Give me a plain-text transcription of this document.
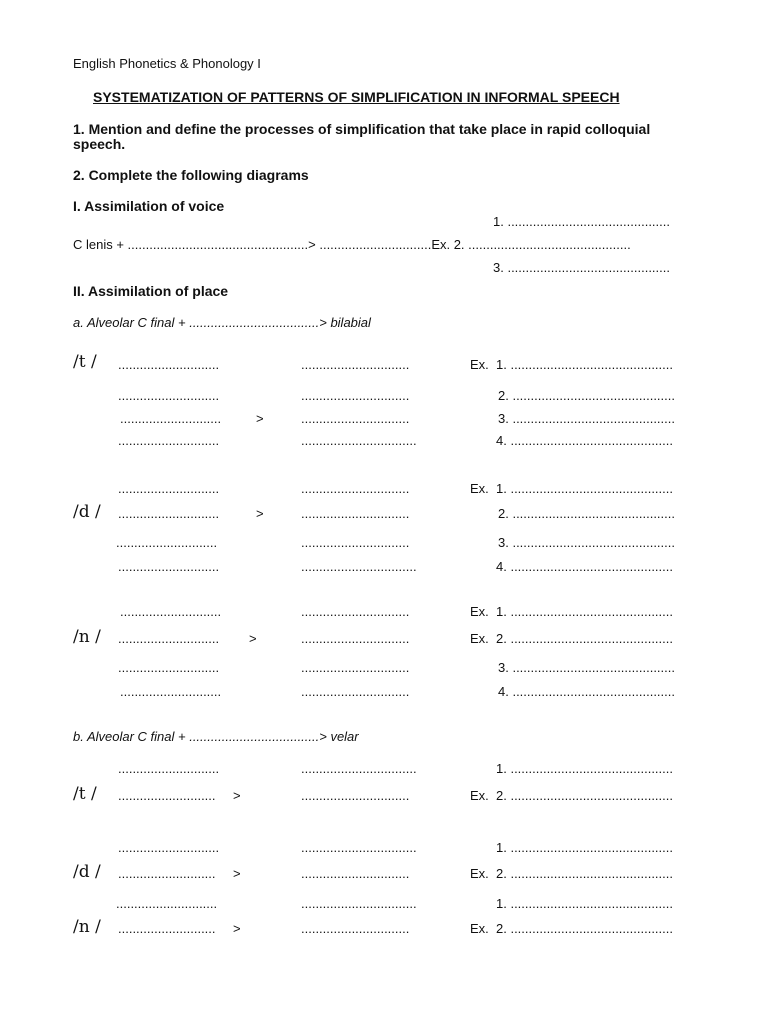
English Phonetics & Phonology I
SYSTEMATIZATION OF PATTERNS OF SIMPLIFICATION IN INFORMAL SPEECH
1. Mention and define the processes of simplification that take place in rapid colloquial
speech.
2. Complete the following diagrams
I. Assimilation of voice
1. .............................................
C lenis + ..................................................> ...............................Ex. 2. .............................................
3. .............................................
II. Assimilation of place
a. Alveolar C final + ....................................> bilabial
/t / ............................	..............................	Ex. 1. .............................................
............................	..............................	2. .............................................
............................	>	..............................	3. .............................................
............................	................................	4. .............................................
............................	..............................	Ex. 1. .............................................
/d / ............................	>	..............................	2. .............................................
............................	..............................	3. .............................................
............................	................................	4. .............................................
............................	..............................	Ex. 1. .............................................
/n / ............................ >	..............................	Ex. 2. .............................................
............................	..............................	3. .............................................
............................	..............................	4. .............................................
b. Alveolar C final + ....................................> velar
............................	................................	1. .............................................
/t / ........................... >	..............................	Ex. 2. .............................................
............................	................................	1. .............................................
/d / ........................... >	..............................	Ex. 2. .............................................
............................	................................	1. .............................................
/n / ........................... >	..............................	Ex. 2. .............................................
